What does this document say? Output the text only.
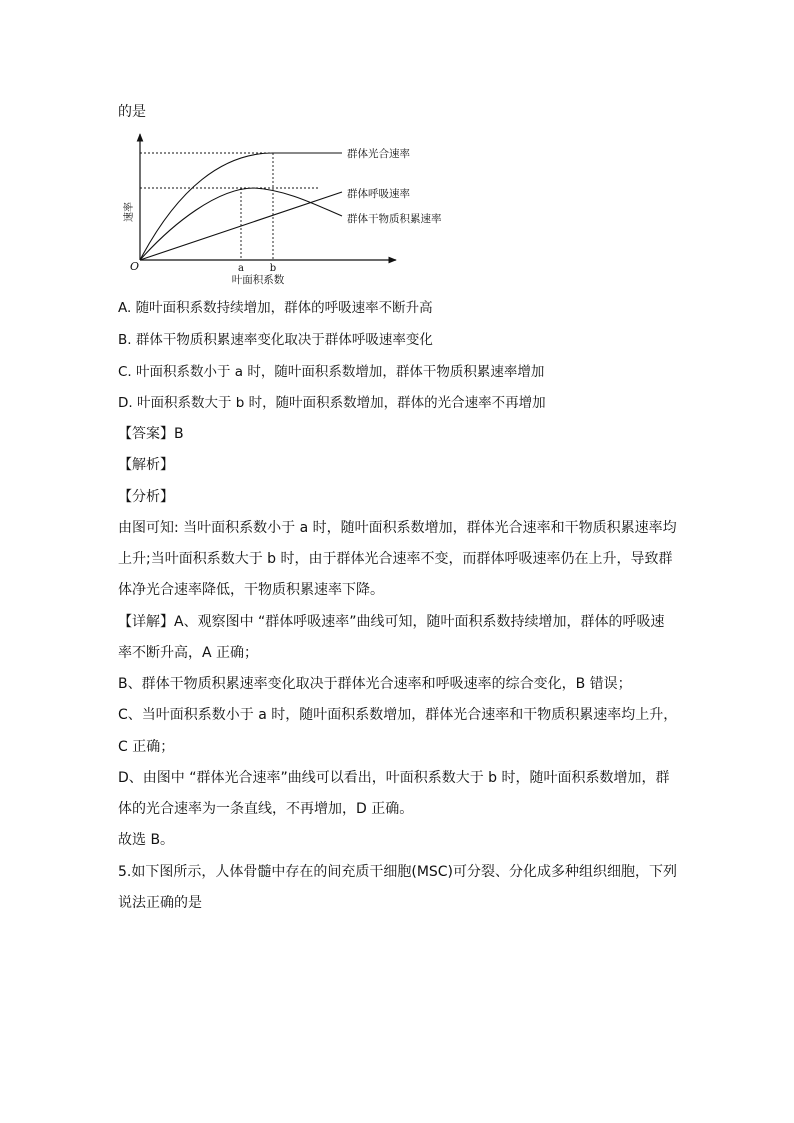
的是
速率
O	a	b
叶面积系数
群体光合速率
群体呼吸速率
群体干物质积累速率
A. 随叶面积系数持续增加，群体的呼吸速率不断升高
B. 群体干物质积累速率变化取决于群体呼吸速率变化
C. 叶面积系数小于 a 时，随叶面积系数增加，群体干物质积累速率增加
D. 叶面积系数大于 b 时，随叶面积系数增加，群体的光合速率不再增加
【答案】B
【解析】
【分析】
由图可知: 当叶面积系数小于 a 时，随叶面积系数增加，群体光合速率和干物质积累速率均
上升;当叶面积系数大于 b 时，由于群体光合速率不变，而群体呼吸速率仍在上升，导致群
体净光合速率降低，干物质积累速率下降。
【详解】A、观察图中 “群体呼吸速率”曲线可知，随叶面积系数持续增加，群体的呼吸速
率不断升高，A 正确；
B、群体干物质积累速率变化取决于群体光合速率和呼吸速率的综合变化，B 错误；
C、当叶面积系数小于 a 时，随叶面积系数增加，群体光合速率和干物质积累速率均上升，
C 正确；
D、由图中 “群体光合速率”曲线可以看出，叶面积系数大于 b 时，随叶面积系数增加，群
体的光合速率为一条直线，不再增加，D 正确。
故选 B。
5.如下图所示，人体骨髓中存在的间充质干细胞(MSC)可分裂、分化成多种组织细胞，下列
说法正确的是
